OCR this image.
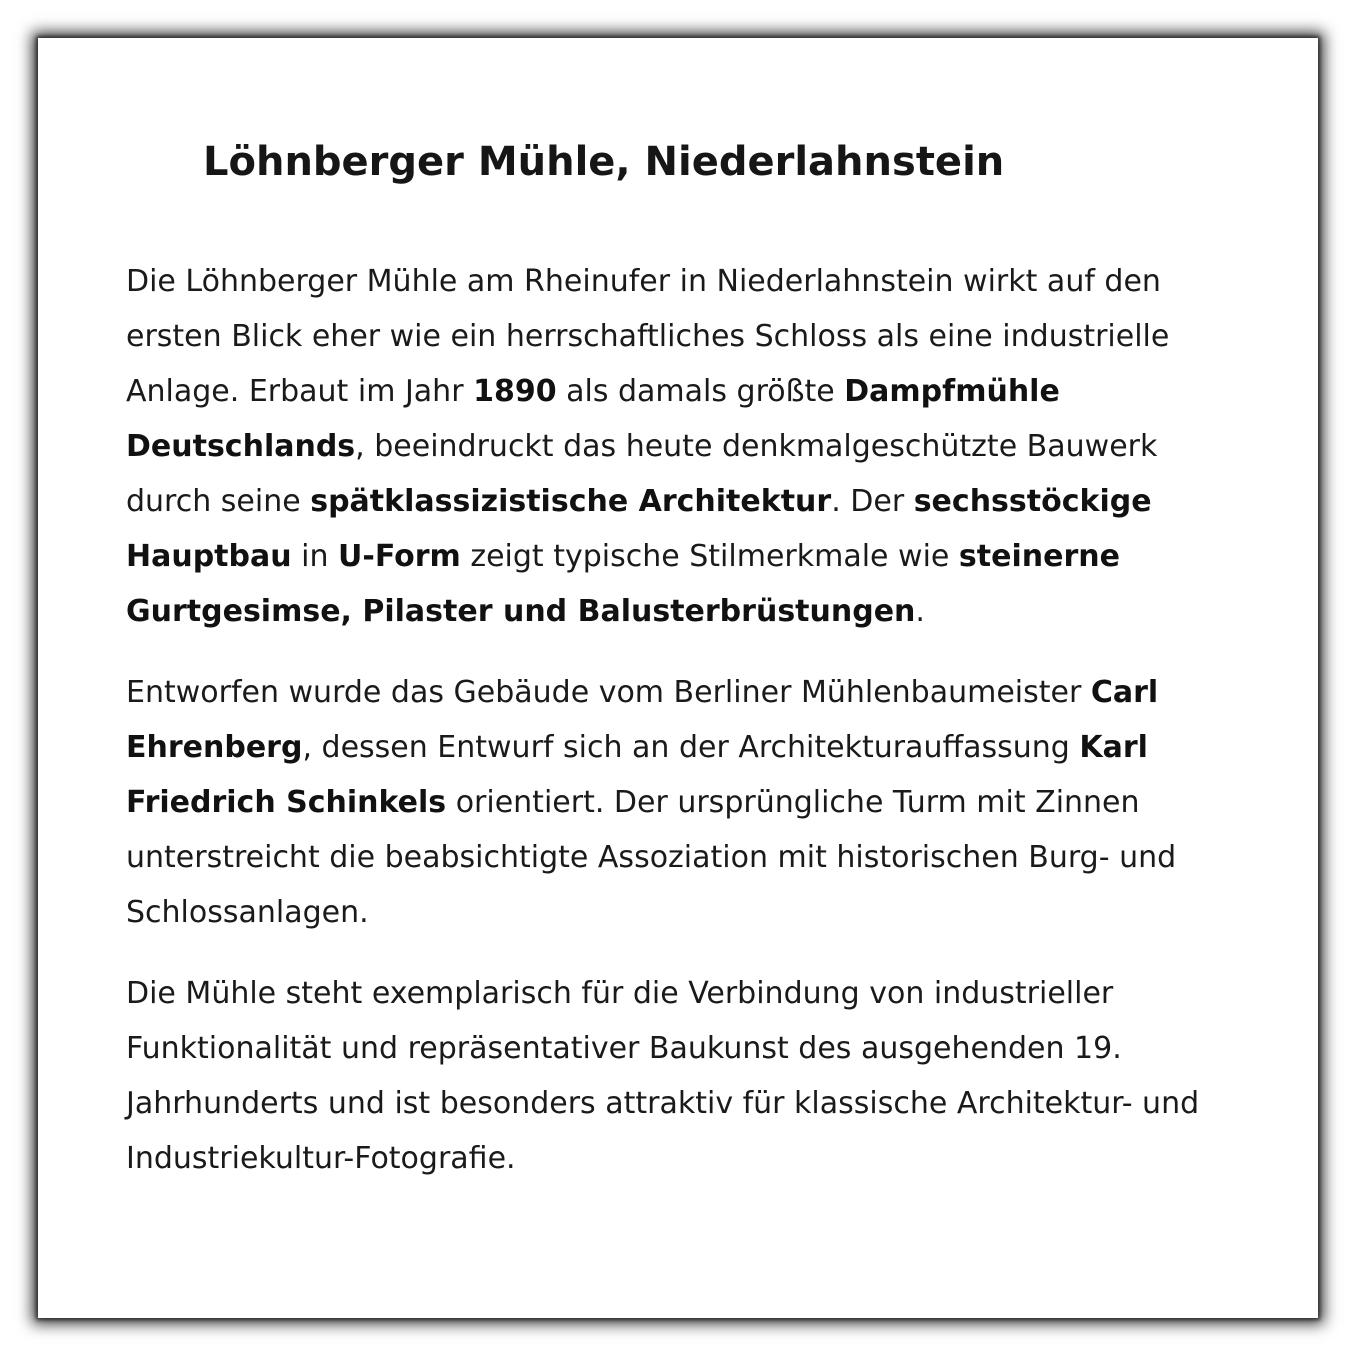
Löhnberger Mühle, Niederlahnstein

Die Löhnberger Mühle am Rheinufer in Niederlahnstein wirkt auf den ersten Blick eher wie ein herrschaftliches Schloss als eine industrielle Anlage. Erbaut im Jahr 1890 als damals größte Dampfmühle Deutschlands, beeindruckt das heute denkmalgeschützte Bauwerk durch seine spätklassizistische Architektur. Der sechsstöckige Hauptbau in U-Form zeigt typische Stilmerkmale wie steinerne Gurtgesimse, Pilaster und Balusterbrüstungen.

Entworfen wurde das Gebäude vom Berliner Mühlenbaumeister Carl Ehrenberg, dessen Entwurf sich an der Architekturauffassung Karl Friedrich Schinkels orientiert. Der ursprüngliche Turm mit Zinnen unterstreicht die beabsichtigte Assoziation mit historischen Burg- und Schlossanlagen.

Die Mühle steht exemplarisch für die Verbindung von industrieller Funktionalität und repräsentativer Baukunst des ausgehenden 19. Jahrhunderts und ist besonders attraktiv für klassische Architektur- und Industriekultur-Fotografie.
